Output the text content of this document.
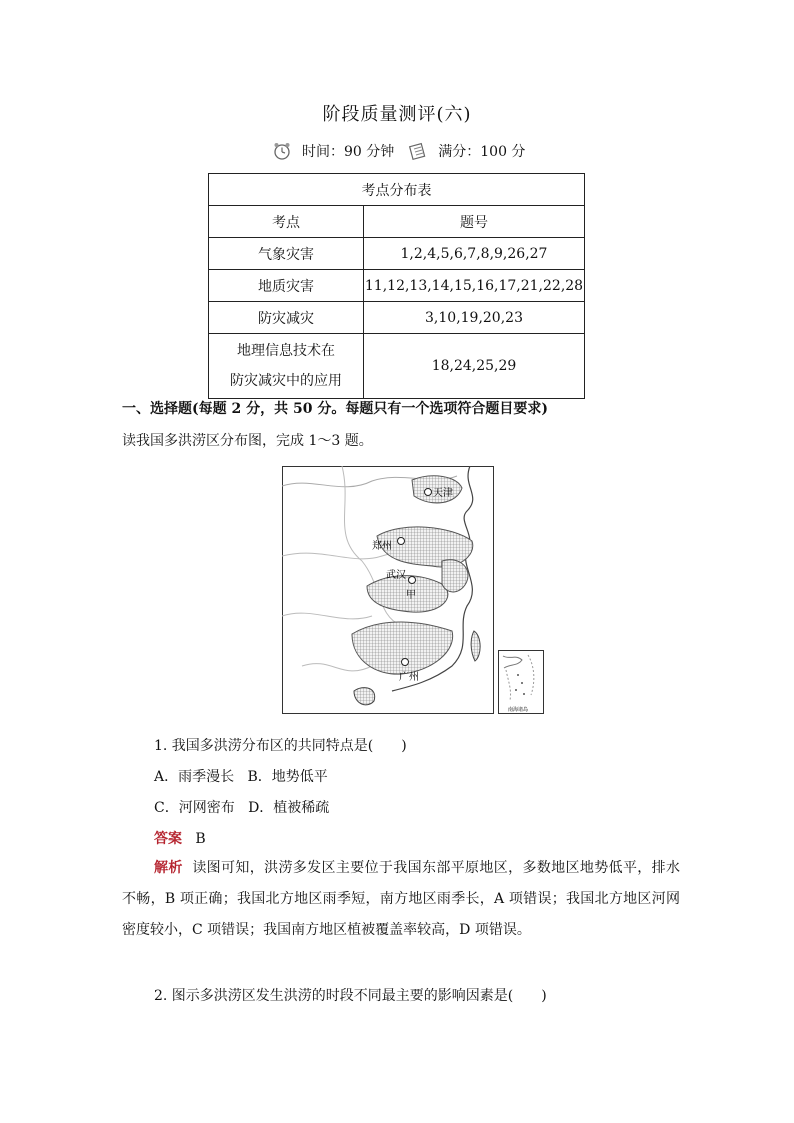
阶段质量测评(六)
时间：90 分钟	满分：100 分
考点分布表	
考点	题号
气象灾害	1,2,4,5,6,7,8,9,26,27
地质灾害	11,12,13,14,15,16,17,21,22,28
防灾减灾	3,10,19,20,23

地理信息技术在
防灾减灾中的应用	18,24,25,29
一、选择题(每题 2 分，共 50 分。每题只有一个选项符合题目要求)
读我国多洪涝区分布图，完成 1～3 题。
天津
郑州
武汉
甲
广州
南海诸岛
1. 我国多洪涝分布区的共同特点是(　　)
A．雨季漫长 B．地势低平
C．河网密布 D．植被稀疏
答案 B
解析 读图可知，洪涝多发区主要位于我国东部平原地区，多数地区地势低平，排水不畅，B 项正确；我国北方地区雨季短，南方地区雨季长，A 项错误；我国北方地区河网密度较小，C 项错误；我国南方地区植被覆盖率较高，D 项错误。
2. 图示多洪涝区发生洪涝的时段不同最主要的影响因素是(　　)
